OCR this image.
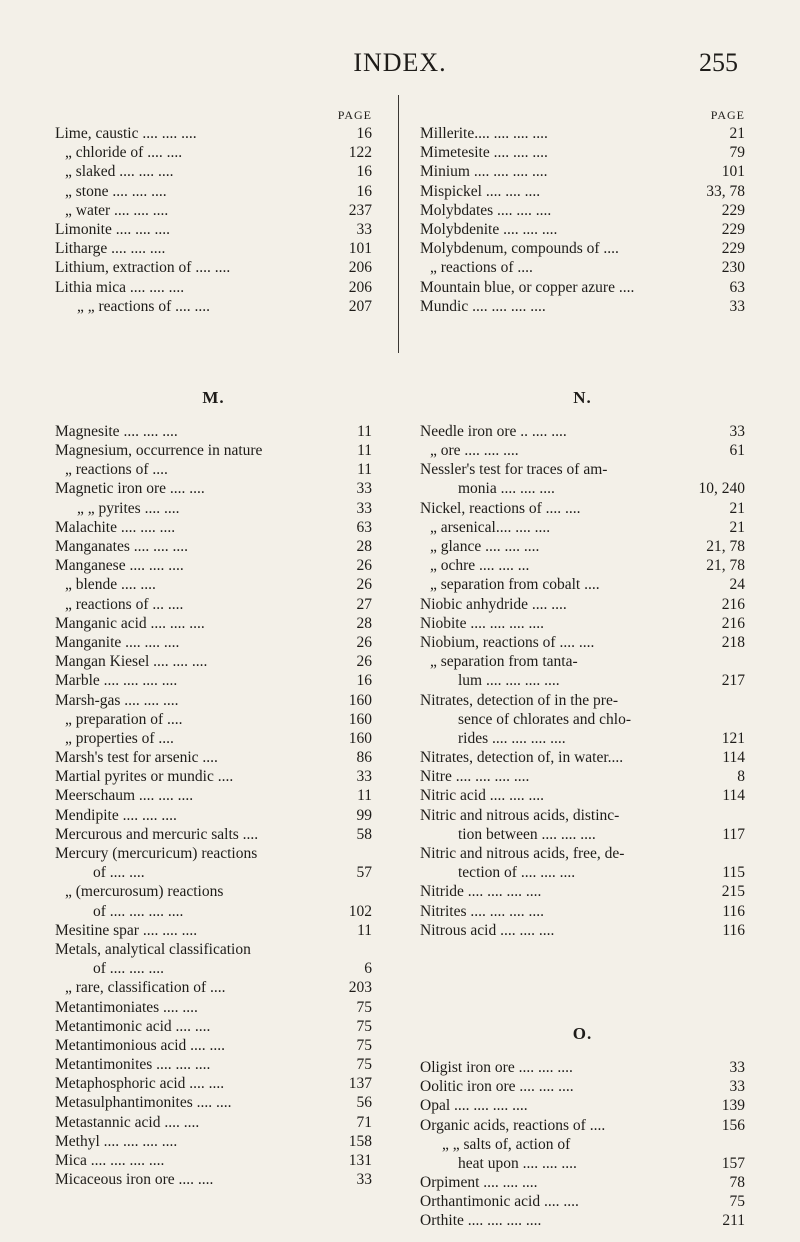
INDEX.	255
PAGE
Lime, caustic .... .... ....	16
„ chloride of .... ....	122
„ slaked .... .... ....	16
„ stone .... .... ....	16
„ water .... .... ....	237
Limonite .... .... ....	33
Litharge .... .... ....	101
Lithium, extraction of .... ....	206
Lithia mica .... .... ....	206
„ „ reactions of .... ....	207
M.
Magnesite .... .... ....	11
Magnesium, occurrence in nature	11
„ reactions of ....	11
Magnetic iron ore .... ....	33
„ „ pyrites .... ....	33
Malachite .... .... ....	63
Manganates .... .... ....	28
Manganese .... .... ....	26
„ blende .... ....	26
„ reactions of ... ....	27
Manganic acid .... .... ....	28
Manganite .... .... ....	26
Mangan Kiesel .... .... ....	26
Marble .... .... .... ....	16
Marsh-gas .... .... ....	160
„ preparation of ....	160
„ properties of ....	160
Marsh's test for arsenic ....	86
Martial pyrites or mundic ....	33
Meerschaum .... .... ....	11
Mendipite .... .... ....	99
Mercurous and mercuric salts ....	58
Mercury (mercuricum) reactions
of .... ....	57
„ (mercurosum) reactions
of .... .... .... ....	102
Mesitine spar .... .... ....	11
Metals, analytical classification
of .... .... ....	6
„ rare, classification of ....	203
Metantimoniates .... ....	75
Metantimonic acid .... ....	75
Metantimonious acid .... ....	75
Metantimonites .... .... ....	75
Metaphosphoric acid .... ....	137
Metasulphantimonites .... ....	56
Metastannic acid .... ....	71
Methyl .... .... .... ....	158
Mica .... .... .... ....	131
Micaceous iron ore .... ....	33
PAGE
Millerite.... .... .... ....	21
Mimetesite .... .... ....	79
Minium .... .... .... ....	101
Mispickel .... .... ....	33, 78
Molybdates .... .... ....	229
Molybdenite .... .... ....	229
Molybdenum, compounds of ....	229
„ reactions of ....	230
Mountain blue, or copper azure ....	63
Mundic .... .... .... ....	33
N.
Needle iron ore .. .... ....	33
„ ore .... .... ....	61
Nessler's test for traces of am-
monia .... .... ....	10, 240
Nickel, reactions of .... ....	21
„ arsenical.... .... ....	21
„ glance .... .... ....	21, 78
„ ochre .... .... ...	21, 78
„ separation from cobalt ....	24
Niobic anhydride .... ....	216
Niobite .... .... .... ....	216
Niobium, reactions of .... ....	218
„ separation from tanta-
lum .... .... .... ....	217
Nitrates, detection of in the pre-
sence of chlorates and chlo-
rides .... .... .... ....	121
Nitrates, detection of, in water....	114
Nitre .... .... .... ....	8
Nitric acid .... .... ....	114
Nitric and nitrous acids, distinc-
tion between .... .... ....	117
Nitric and nitrous acids, free, de-
tection of .... .... ....	115
Nitride .... .... .... ....	215
Nitrites .... .... .... ....	116
Nitrous acid .... .... ....	116
O.
Oligist iron ore .... .... ....	33
Oolitic iron ore .... .... ....	33
Opal .... .... .... ....	139
Organic acids, reactions of ....	156
„ „ salts of, action of
heat upon .... .... ....	157
Orpiment .... .... ....	78
Orthantimonic acid .... ....	75
Orthite .... .... .... ....	211
